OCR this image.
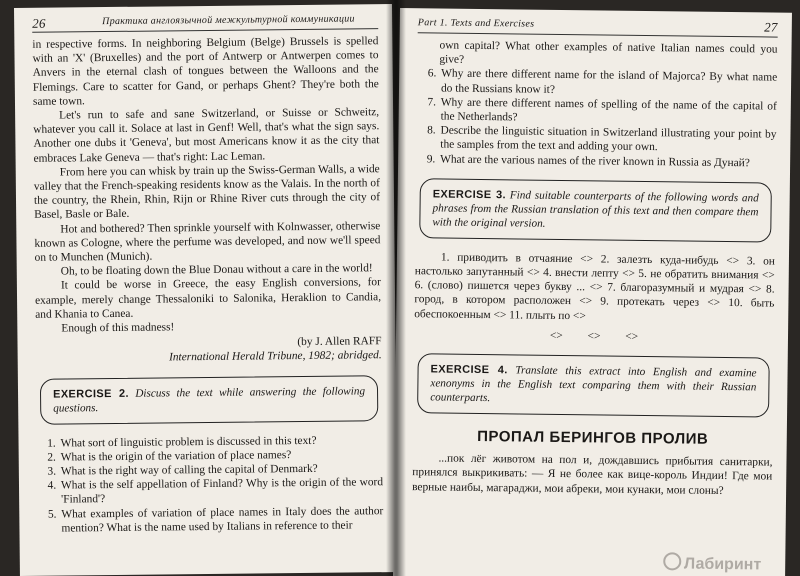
26	Практика англоязычной межкультурной коммуникации

in respective forms. In neighboring Belgium (Belge) Brussels is spelled with an 'X' (Bruxelles) and the port of Antwerp or Antwerpen comes to Anvers in the eternal clash of tongues between the Walloons and the Flemings. Care to scatter for Gand, or perhaps Ghent? They're both the same town.

Let's run to safe and sane Switzerland, or Suisse or Schweitz, whatever you call it. Solace at last in Genf! Well, that's what the sign says. Another one dubs it 'Geneva', but most Americans know it as the city that embraces Lake Geneva — that's right: Lac Leman.

From here you can whisk by train up the Swiss-German Walls, a wide valley that the French-speaking residents know as the Valais. In the north of the country, the Rhein, Rhin, Rijn or Rhine River cuts through the city of Basel, Basle or Bale.

Hot and bothered? Then sprinkle yourself with Kolnwasser, otherwise known as Cologne, where the perfume was developed, and now we'll speed on to Munchen (Munich).

Oh, to be floating down the Blue Donau without a care in the world!

It could be worse in Greece, the easy English conversions, for example, merely change Thessaloniki to Salonika, Heraklion to Candia, and Khania to Canea.

Enough of this madness!

(by J. Allen RAFF
International Herald Tribune, 1982; abridged.
EXERCISE 2. Discuss the text while answering the following questions.
1. What sort of linguistic problem is discussed in this text?
2. What is the origin of the variation of place names?
3. What is the right way of calling the capital of Denmark?
4. What is the self appellation of Finland? Why is the origin of the word 'Finland'?
5. What examples of variation of place names in Italy does the author mention? What is the name used by Italians in reference to their
Part 1. Texts and Exercises	27

own capital? What other examples of native Italian names could you give?

6. Why are there different name for the island of Majorca? By what name do the Russians know it?
7. Why are there different names of spelling of the name of the capital of the Netherlands?
8. Describe the linguistic situation in Switzerland illustrating your point by the samples from the text and adding your own.
9. What are the various names of the river known in Russia as Дунай?
EXERCISE 3. Find suitable counterparts of the following words and phrases from the Russian translation of this text and then compare them with the original version.

1. приводить в отчаяние <> 2. залезть куда-нибудь <> 3. он настолько запутанный <> 4. внести лепту <> 5. не обратить внимания <> 6. (слово) пишется через букву ... <> 7. благоразумный и мудрая <> 8. город, в котором расположен <> 9. протекать через <> 10. быть обеспокоенным <> 11. плыть по <>

<> <> <>
EXERCISE 4. Translate this extract into English and examine xenonyms in the English text comparing them with their Russian counterparts.
ПРОПАЛ БЕРИНГОВ ПРОЛИВ

...пок лёг животом на пол и, дождавшись прибытия санитарки, принялся выкрикивать: — Я не более как вице-король Индии! Где мои верные наибы, магараджи, мои абреки, мои кунаки, мои слоны?

Лабиринт
